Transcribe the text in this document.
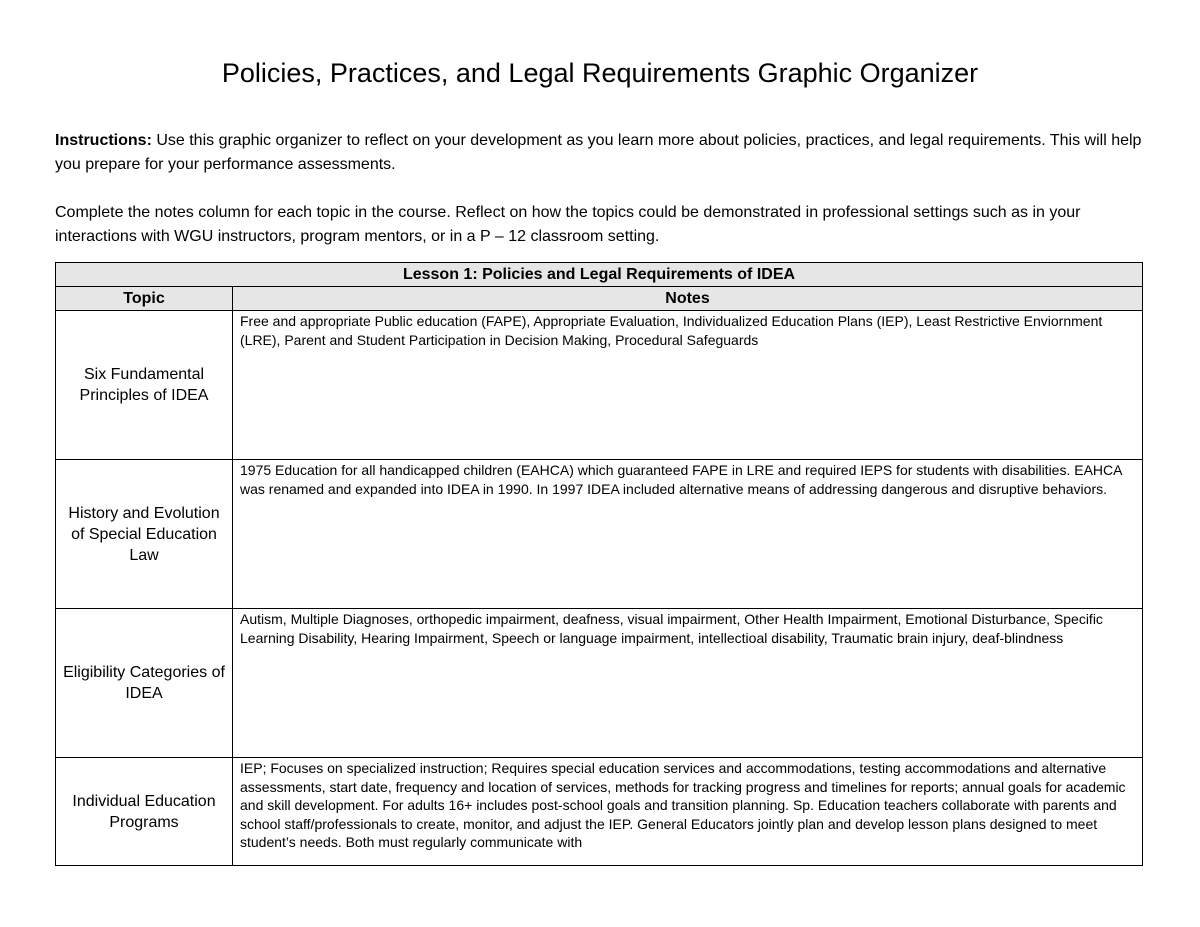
Policies, Practices, and Legal Requirements Graphic Organizer
Instructions: Use this graphic organizer to reflect on your development as you learn more about policies, practices, and legal requirements. This will help you prepare for your performance assessments.
Complete the notes column for each topic in the course. Reflect on how the topics could be demonstrated in professional settings such as in your interactions with WGU instructors, program mentors, or in a P – 12 classroom setting.
Lesson 1: Policies and Legal Requirements of IDEA	
Topic	Notes
Six Fundamental Principles of IDEA	Free and appropriate Public education (FAPE), Appropriate Evaluation, Individualized Education Plans (IEP), Least Restrictive Enviornment (LRE), Parent and Student Participation in Decision Making, Procedural Safeguards
History and Evolution of Special Education Law	1975 Education for all handicapped children (EAHCA) which guaranteed FAPE in LRE and required IEPS for students with disabilities. EAHCA was renamed and expanded into IDEA in 1990. In 1997 IDEA included alternative means of addressing dangerous and disruptive behaviors.
Eligibility Categories of IDEA	Autism, Multiple Diagnoses, orthopedic impairment, deafness, visual impairment, Other Health Impairment, Emotional Disturbance, Specific Learning Disability, Hearing Impairment, Speech or language impairment, intellectioal disability, Traumatic brain injury, deaf-blindness
Individual Education Programs	IEP; Focuses on specialized instruction; Requires special education services and accommodations, testing accommodations and alternative assessments, start date, frequency and location of services, methods for tracking progress and timelines for reports; annual goals for academic and skill development. For adults 16+ includes post-school goals and transition planning. Sp. Education teachers collaborate with parents and school staff/professionals to create, monitor, and adjust the IEP. General Educators jointly plan and develop lesson plans designed to meet student’s needs. Both must regularly communicate with
